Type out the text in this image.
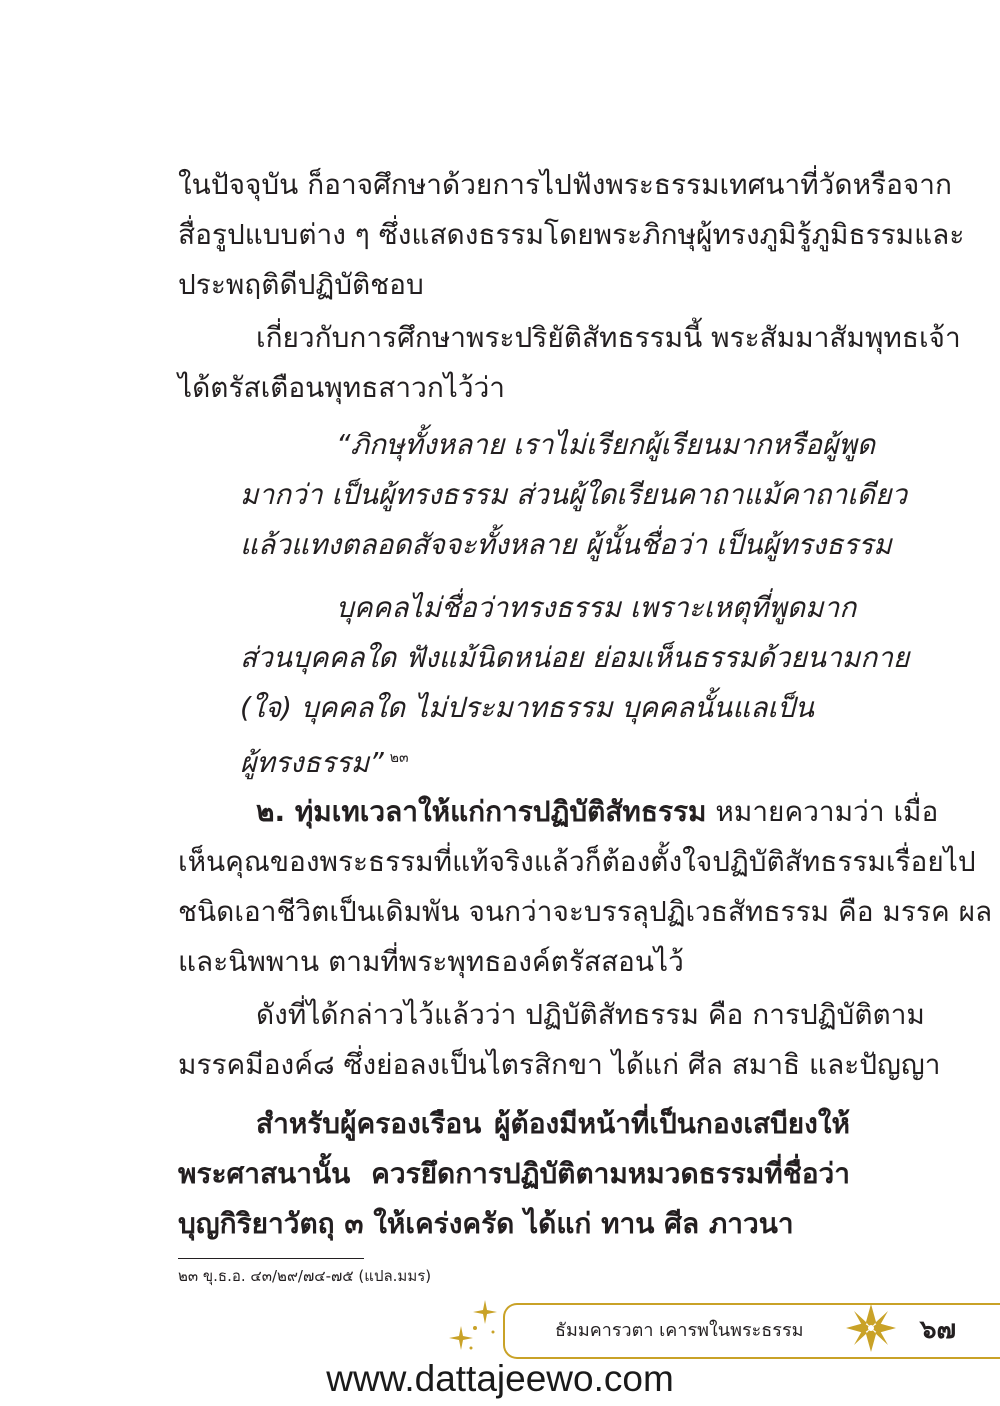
ในปัจจุบัน ก็อาจศึกษาด้วยการไปฟังพระธรรมเทศนาที่วัดหรือจาก
สื่อรูปแบบต่าง ๆ ซึ่งแสดงธรรมโดยพระภิกษุผู้ทรงภูมิรู้ภูมิธรรมและ
ประพฤติดีปฏิบัติชอบ
เกี่ยวกับการศึกษาพระปริยัติสัทธรรมนี้ พระสัมมาสัมพุทธเจ้า
ได้ตรัสเตือนพุทธสาวกไว้ว่า
“ภิกษุทั้งหลาย เราไม่เรียกผู้เรียนมากหรือผู้พูด
มากว่า เป็นผู้ทรงธรรม ส่วนผู้ใดเรียนคาถาแม้คาถาเดียว
แล้วแทงตลอดสัจจะทั้งหลาย ผู้นั้นชื่อว่า เป็นผู้ทรงธรรม
บุคคลไม่ชื่อว่าทรงธรรม เพราะเหตุที่พูดมาก
ส่วนบุคคลใด ฟังแม้นิดหน่อย ย่อมเห็นธรรมด้วยนามกาย
(ใจ) บุคคลใด ไม่ประมาทธรรม บุคคลนั้นแลเป็น
ผู้ทรงธรรม” $^{๒๓}$
๒. ทุ่มเทเวลาให้แก่การปฏิบัติสัทธรรม หมายความว่า เมื่อ
เห็นคุณของพระธรรมที่แท้จริงแล้วก็ต้องตั้งใจปฏิบัติสัทธรรมเรื่อยไป
ชนิดเอาชีวิตเป็นเดิมพัน จนกว่าจะบรรลุปฏิเวธสัทธรรม คือ มรรค ผล
และนิพพาน ตามที่พระพุทธองค์ตรัสสอนไว้
ดังที่ได้กล่าวไว้แล้วว่า ปฏิบัติสัทธรรม คือ การปฏิบัติตาม
มรรคมีองค์๘ ซึ่งย่อลงเป็นไตรสิกขา ได้แก่ ศีล สมาธิ และปัญญา
สำหรับผู้ครองเรือน ผู้ต้องมีหน้าที่เป็นกองเสบียงให้
พระศาสนานั้น ควรยึดการปฏิบัติตามหมวดธรรมที่ชื่อว่า
บุญกิริยาวัตถุ ๓ ให้เคร่งครัด ได้แก่ ทาน ศีล ภาวนา
๒๓ ขุ.ธ.อ. ๔๓/๒๙/๗๔-๗๕ (แปล.มมร)
ธัมมคารวตา เคารพในพระธรรม	๖๗
www.dattajeewo.com
